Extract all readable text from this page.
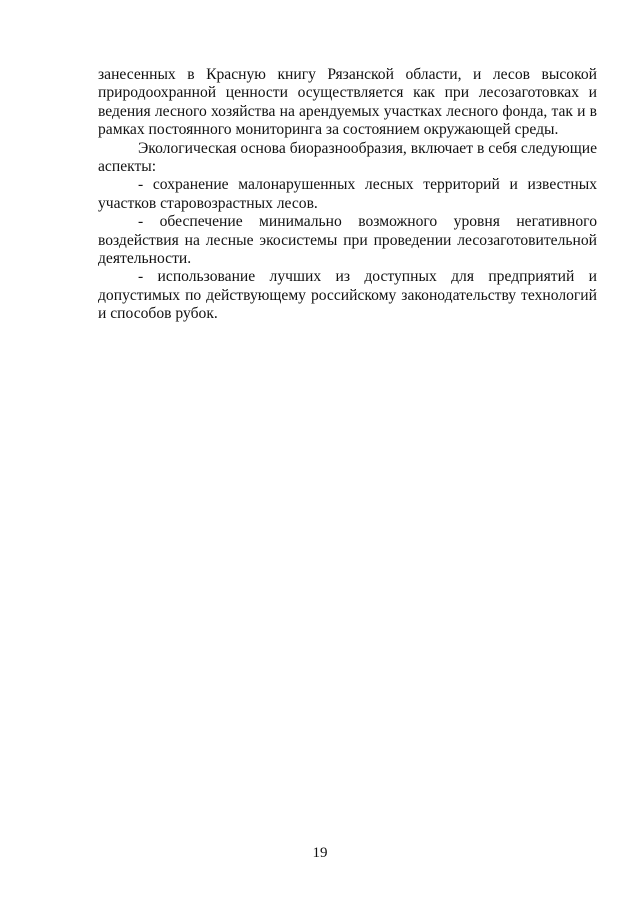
занесенных в Красную книгу Рязанской области, и лесов высокой природоохранной ценности осуществляется как при лесозаготовках и ведения лесного хозяйства на арендуемых участках лесного фонда, так и в рамках постоянного мониторинга за состоянием окружающей среды.

Экологическая основа биоразнообразия, включает в себя следующие аспекты:

- сохранение малонарушенных лесных территорий и известных участков старовозрастных лесов.

- обеспечение минимально возможного уровня негативного воздействия на лесные экосистемы при проведении лесозаготовительной деятельности.

- использование лучших из доступных для предприятий и допустимых по действующему российскому законодательству технологий и способов рубок.

19
